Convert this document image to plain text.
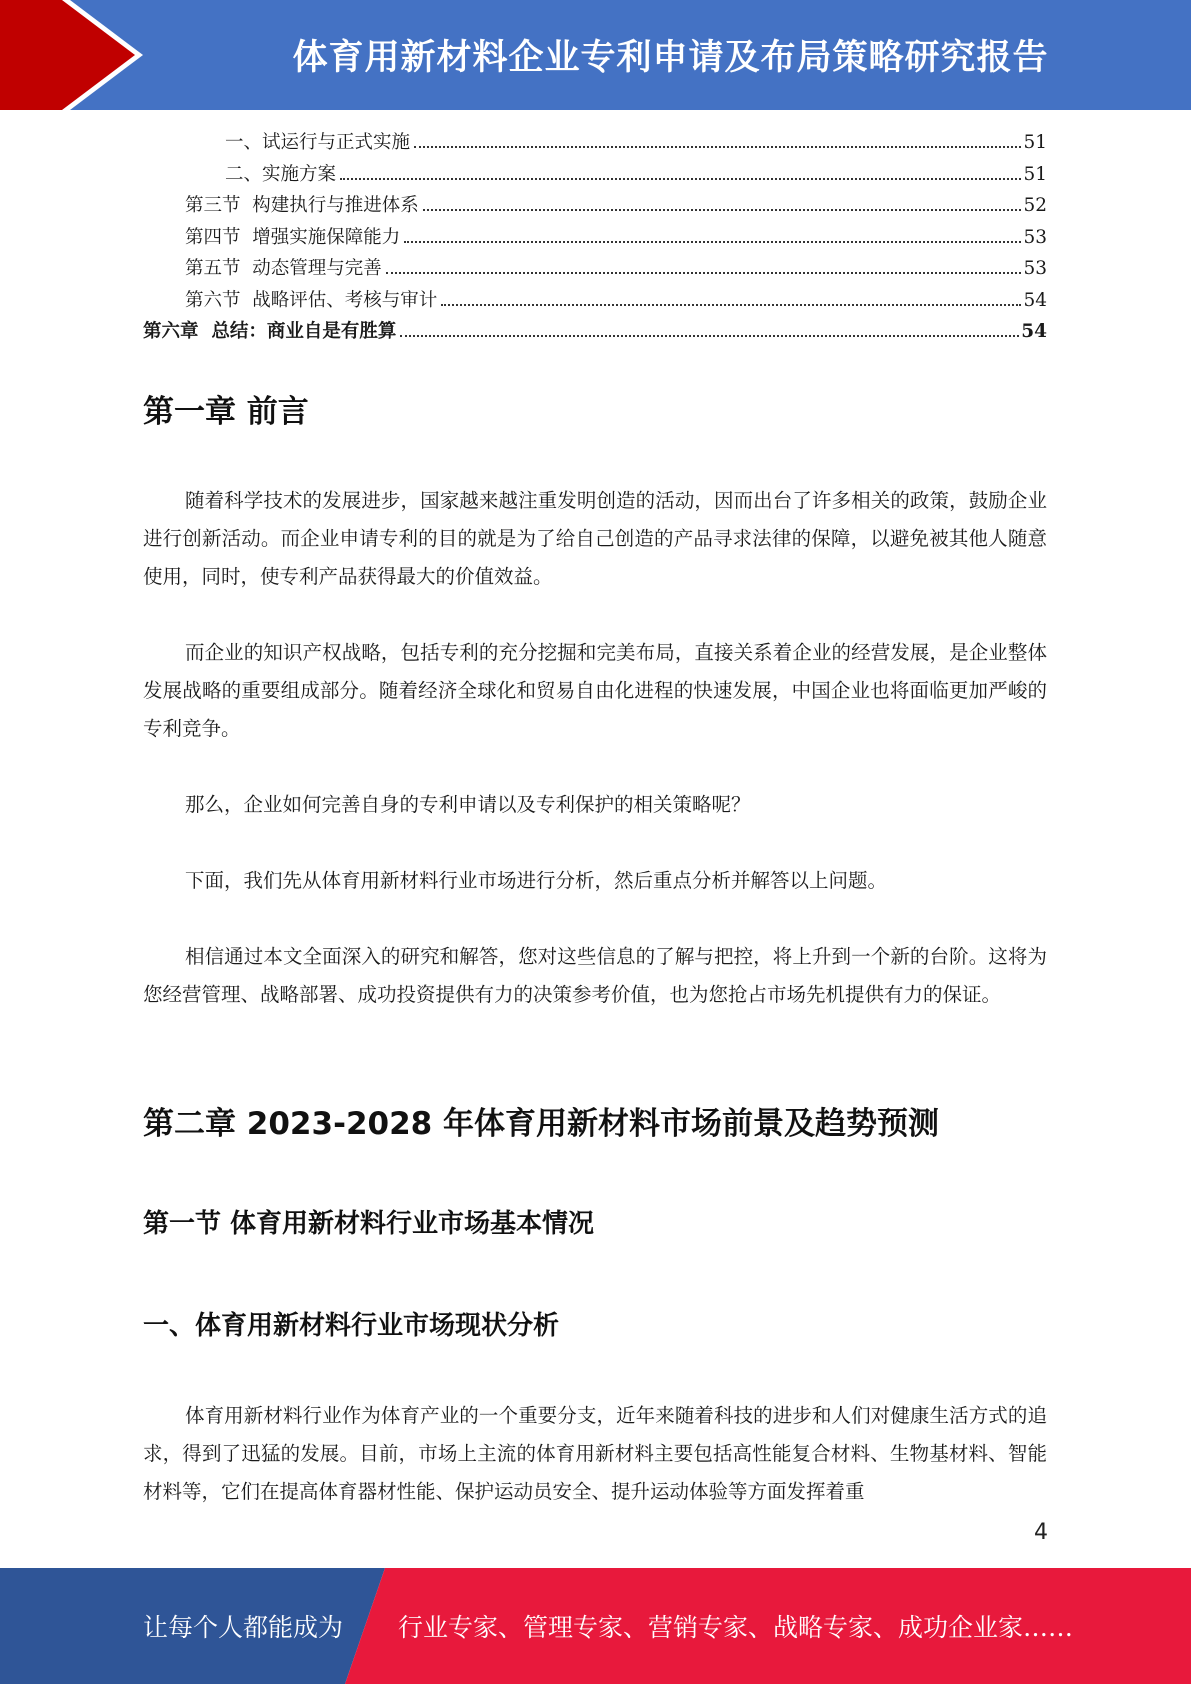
体育用新材料企业专利申请及布局策略研究报告
一、试运行与正式实施	51
二、实施方案	51
第三节  构建执行与推进体系	52
第四节  增强实施保障能力	53
第五节  动态管理与完善	53
第六节  战略评估、考核与审计	54
第六章  总结：商业自是有胜算	54
第一章 前言

随着科学技术的发展进步，国家越来越注重发明创造的活动，因而出台了许多相关的政策，鼓励企业进行创新活动。而企业申请专利的目的就是为了给自己创造的产品寻求法律的保障，以避免被其他人随意使用，同时，使专利产品获得最大的价值效益。

而企业的知识产权战略，包括专利的充分挖掘和完美布局，直接关系着企业的经营发展，是企业整体发展战略的重要组成部分。随着经济全球化和贸易自由化进程的快速发展，中国企业也将面临更加严峻的专利竞争。

那么，企业如何完善自身的专利申请以及专利保护的相关策略呢？

下面，我们先从体育用新材料行业市场进行分析，然后重点分析并解答以上问题。

相信通过本文全面深入的研究和解答，您对这些信息的了解与把控，将上升到一个新的台阶。这将为您经营管理、战略部署、成功投资提供有力的决策参考价值，也为您抢占市场先机提供有力的保证。

第二章 2023-2028 年体育用新材料市场前景及趋势预测
第一节 体育用新材料行业市场基本情况
一、体育用新材料行业市场现状分析

体育用新材料行业作为体育产业的一个重要分支，近年来随着科技的进步和人们对健康生活方式的追求，得到了迅猛的发展。目前，市场上主流的体育用新材料主要包括高性能复合材料、生物基材料、智能材料等，它们在提高体育器材性能、保护运动员安全、提升运动体验等方面发挥着重

4
让每个人都能成为 行业专家、管理专家、营销专家、战略专家、成功企业家……
